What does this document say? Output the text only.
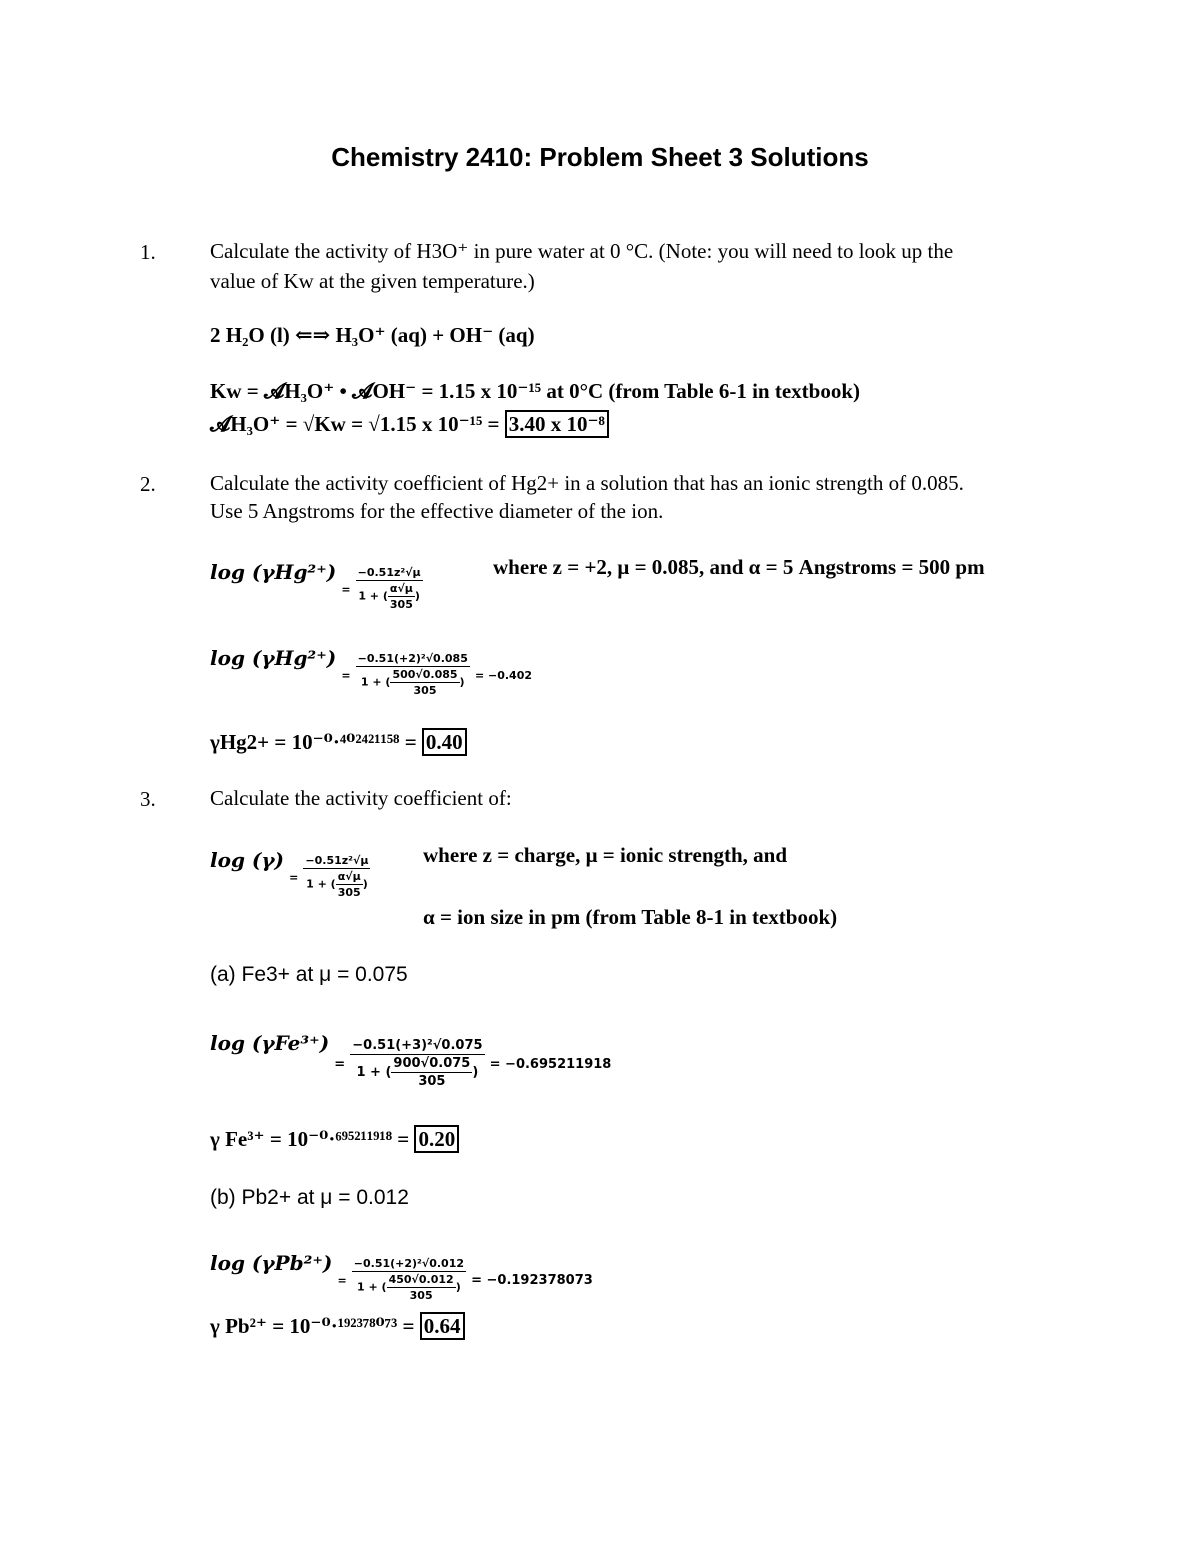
Chemistry 2410: Problem Sheet 3 Solutions
1.	Calculate the activity of H3O⁺ in pure water at 0 °C. (Note: you will need to look up the
value of Kw at the given temperature.)
2 H₂O (l) ⇐⇒ H₃O⁺ (aq) + OH⁻ (aq)
Kw = 𝓐H₃O⁺ • 𝓐OH⁻ = 1.15 x 10⁻¹⁵ at 0°C (from Table 6-1 in textbook)
𝓐H₃O⁺ = √Kw = √1.15 x 10⁻¹⁵ = 3.40 x 10⁻⁸
2.	Calculate the activity coefficient of Hg2+ in a solution that has an ionic strength of 0.085.
Use 5 Angstroms for the effective diameter of the ion.
log (γHg²⁺) $_= \frac{\text{−0.51z²√μ}}{1 + ( \frac{\alpha√\mu}{305} )}$	where z = +2, μ = 0.085, and α = 5 Angstroms = 500 pm
log (γHg²⁺) $_= \frac{\text{−0.51(+2)²√0.085}}{1 + ( \frac{500√0.085}{305} )} _{= -0.402}$
γHg2+ = 10⁻⁰·⁴⁰²⁴²¹¹⁵⁸ = 0.40
3.	Calculate the activity coefficient of:
log (γ) $_= \frac{\text{−0.51z²√μ}}{1 + ( \frac{\alpha√\mu}{305} )}$	where z = charge, μ = ionic strength, and
α = ion size in pm (from Table 8-1 in textbook)
(a) Fe3+ at μ = 0.075
log (γFe³⁺) $_= \frac{\text{−0.51(+3)²√0.075}}{1 + ( \frac{900√0.075}{305} )} _{= -0.695211918}$
γ Fe³⁺ = 10⁻⁰·⁶⁹⁵²¹¹⁹¹⁸ = 0.20
(b) Pb2+ at μ = 0.012
log (γPb²⁺) $_= \frac{\text{−0.51(+2)²√0.012}}{1 + ( \frac{450√0.012}{305} )} _{= -0.192378073}$
γ Pb²⁺ = 10⁻⁰·¹⁹²³⁷⁸⁰⁷³ = 0.64
